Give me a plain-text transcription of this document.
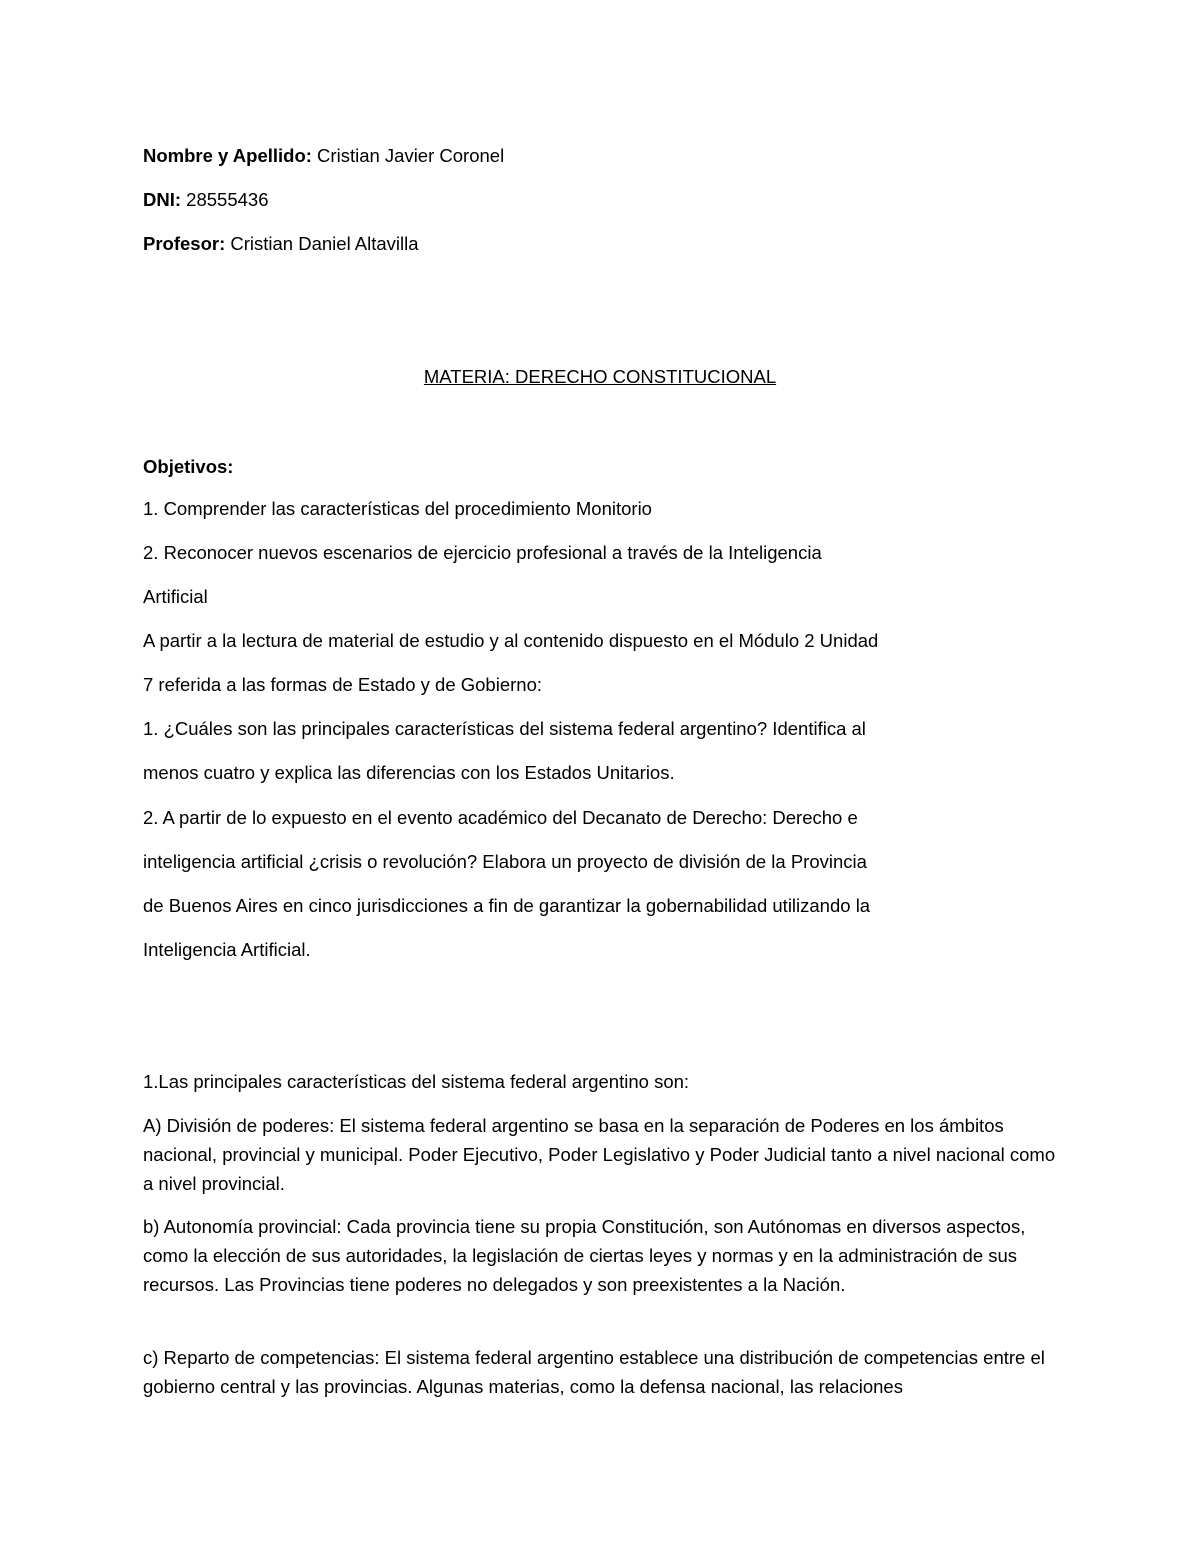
Nombre y Apellido: Cristian Javier Coronel
DNI: 28555436
Profesor: Cristian Daniel Altavilla
MATERIA: DERECHO CONSTITUCIONAL
Objetivos:
1. Comprender las características del procedimiento Monitorio
2. Reconocer nuevos escenarios de ejercicio profesional a través de la Inteligencia
Artificial
A partir a la lectura de material de estudio y al contenido dispuesto en el Módulo 2 Unidad
7 referida a las formas de Estado y de Gobierno:
1. ¿Cuáles son las principales características del sistema federal argentino? Identifica al
menos cuatro y explica las diferencias con los Estados Unitarios.
2. A partir de lo expuesto en el evento académico del Decanato de Derecho: Derecho e
inteligencia artificial ¿crisis o revolución? Elabora un proyecto de división de la Provincia
de Buenos Aires en cinco jurisdicciones a fin de garantizar la gobernabilidad utilizando la
Inteligencia Artificial.
1.Las principales características del sistema federal argentino son:
A) División de poderes: El sistema federal argentino se basa en la separación de Poderes en los ámbitos nacional, provincial y municipal. Poder Ejecutivo, Poder Legislativo y Poder Judicial tanto a nivel nacional como a nivel provincial.
b) Autonomía provincial: Cada provincia tiene su propia Constitución, son Autónomas en diversos aspectos, como la elección de sus autoridades, la legislación de ciertas leyes y normas y en la administración de sus recursos. Las Provincias tiene poderes no delegados y son preexistentes a la Nación.
c) Reparto de competencias: El sistema federal argentino establece una distribución de competencias entre el gobierno central y las provincias. Algunas materias, como la defensa nacional, las relaciones
